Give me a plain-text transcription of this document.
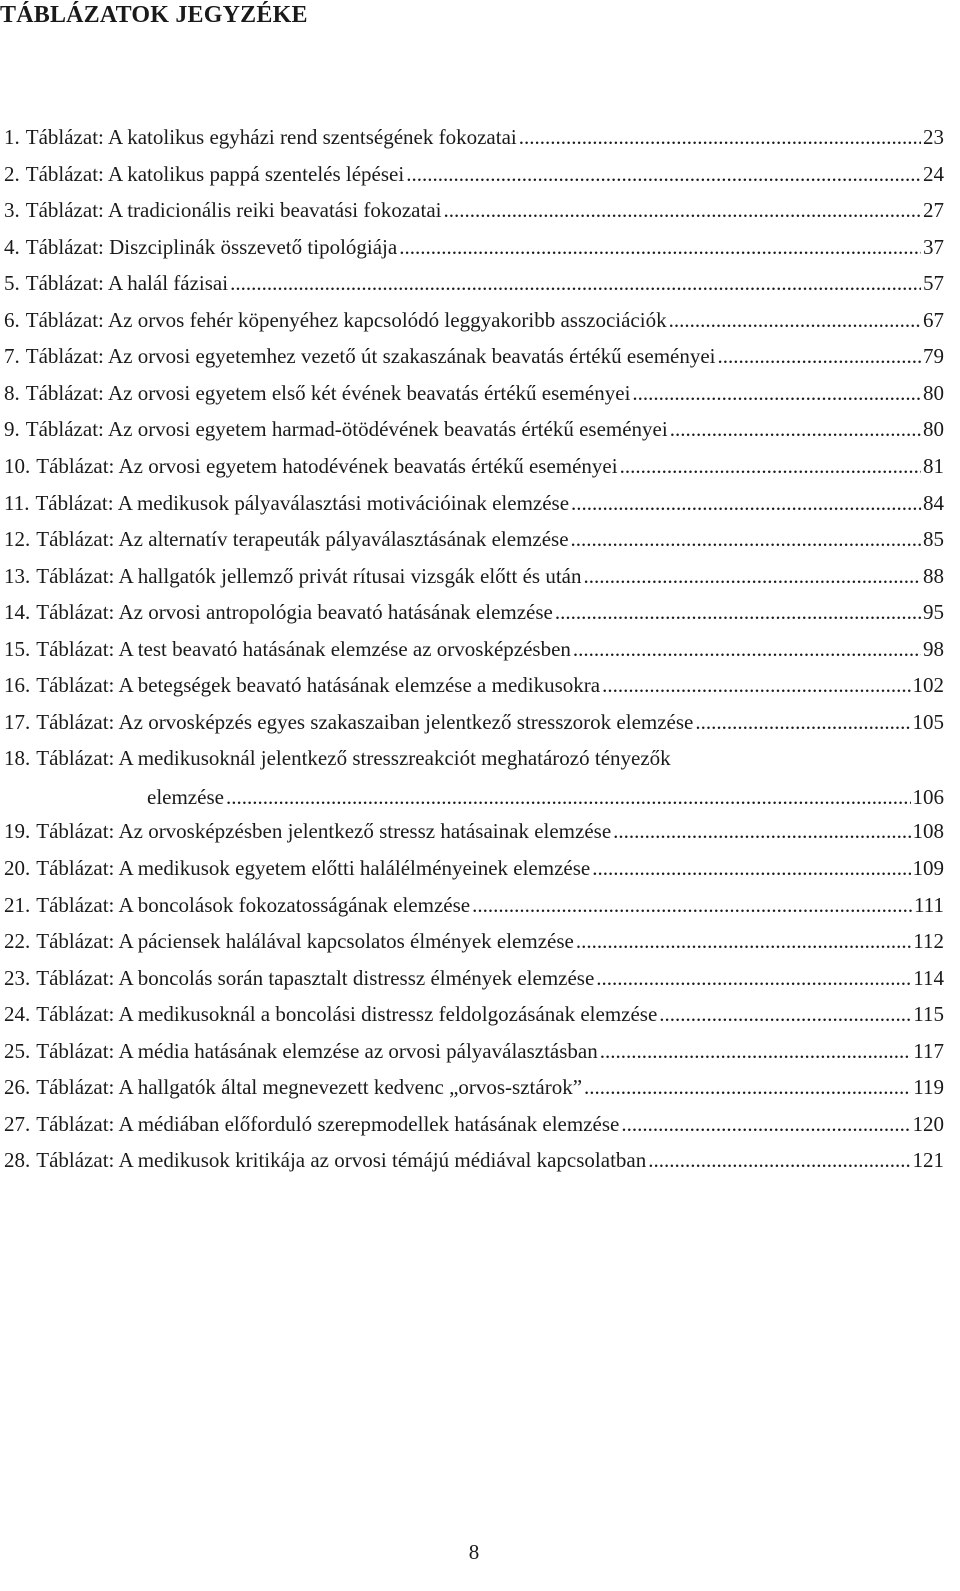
TÁBLÁZATOK JEGYZÉKE
1. Táblázat: A katolikus egyházi rend szentségének fokozatai .....	23
2. Táblázat: A katolikus pappá szentelés lépései .....	24
3. Táblázat: A tradicionális reiki beavatási fokozatai .....	27
4. Táblázat: Diszciplinák összevető tipológiája .....	37
5. Táblázat: A halál fázisai .....	57
6. Táblázat: Az orvos fehér köpenyéhez kapcsolódó leggyakoribb asszociációk .....	67
7. Táblázat: Az orvosi egyetemhez vezető út szakaszának beavatás értékű eseményei .....	79
8. Táblázat: Az orvosi egyetem első két évének beavatás értékű eseményei .....	80
9. Táblázat: Az orvosi egyetem harmad-ötödévének beavatás értékű eseményei .....	80
10. Táblázat: Az orvosi egyetem hatodévének beavatás értékű eseményei .....	81
11. Táblázat: A medikusok pályaválasztási motivációinak elemzése .....	84
12. Táblázat: Az alternatív terapeuták pályaválasztásának elemzése .....	85
13. Táblázat: A hallgatók jellemző privát rítusai vizsgák előtt és után .....	88
14. Táblázat: Az orvosi antropológia beavató hatásának elemzése .....	95
15. Táblázat: A test beavató hatásának elemzése az orvosképzésben .....	98
16. Táblázat: A betegségek beavató hatásának elemzése a medikusokra .....	102
17. Táblázat: Az orvosképzés egyes szakaszaiban jelentkező stresszorok elemzése .....	105
18. Táblázat: A medikusoknál jelentkező stresszreakciót meghatározó tényezők
elemzése .....	106
19. Táblázat: Az orvosképzésben jelentkező stressz hatásainak elemzése .....	108
20. Táblázat: A medikusok egyetem előtti halálélményeinek elemzése .....	109
21. Táblázat: A boncolások fokozatosságának elemzése .....	111
22. Táblázat: A páciensek halálával kapcsolatos élmények elemzése .....	112
23. Táblázat: A boncolás során tapasztalt distressz élmények elemzése .....	114
24. Táblázat: A medikusoknál a boncolási distressz feldolgozásának elemzése .....	115
25. Táblázat: A média hatásának elemzése az orvosi pályaválasztásban .....	117
26. Táblázat: A hallgatók által megnevezett kedvenc „orvos-sztárok” .....	119
27. Táblázat: A médiában előforduló szerepmodellek hatásának elemzése .....	120
28. Táblázat: A medikusok kritikája az orvosi témájú médiával kapcsolatban .....	121
8
